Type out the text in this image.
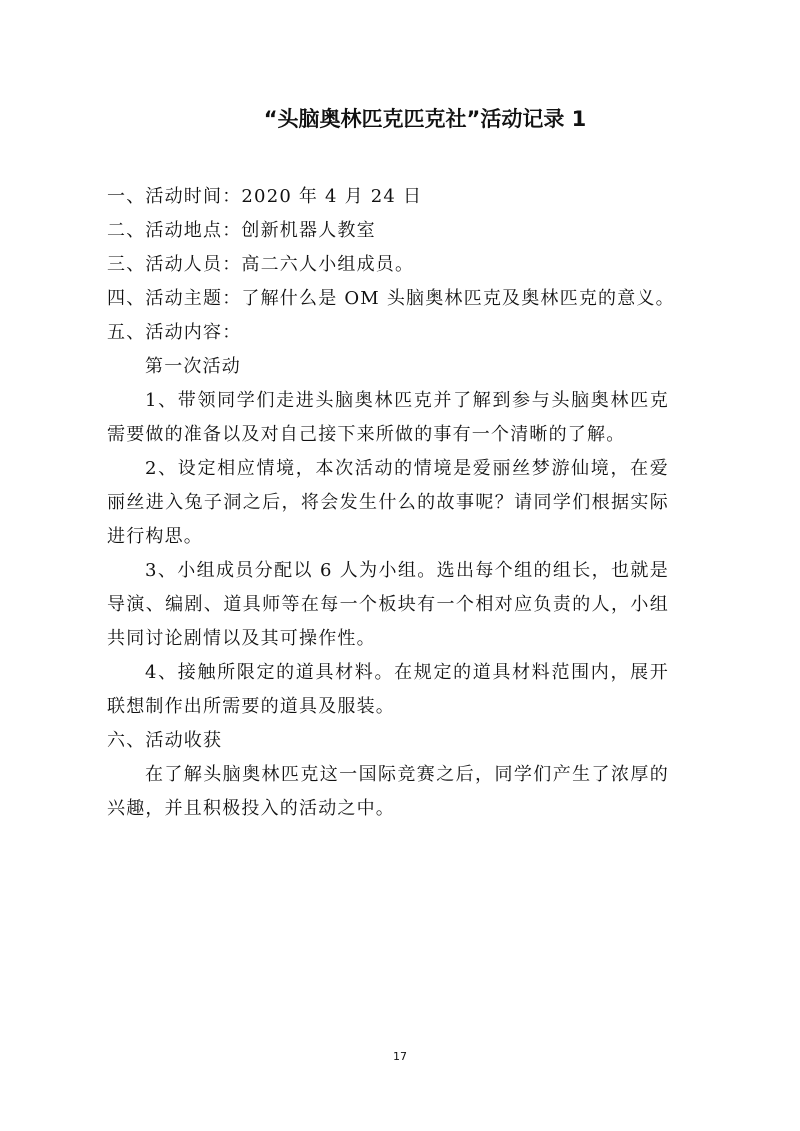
“头脑奥林匹克匹克社”活动记录 1

一、活动时间：2020 年 4 月 24 日

二、活动地点：创新机器人教室

三、活动人员：高二六人小组成员。

四、活动主题：了解什么是 OM 头脑奥林匹克及奥林匹克的意义。

五、活动内容：

第一次活动

1、带领同学们走进头脑奥林匹克并了解到参与头脑奥林匹克需要做的准备以及对自己接下来所做的事有一个清晰的了解。

2、设定相应情境，本次活动的情境是爱丽丝梦游仙境，在爱丽丝进入兔子洞之后，将会发生什么的故事呢？请同学们根据实际进行构思。

3、小组成员分配以 6 人为小组。选出每个组的组长，也就是导演、编剧、道具师等在每一个板块有一个相对应负责的人，小组共同讨论剧情以及其可操作性。

4、接触所限定的道具材料。在规定的道具材料范围内，展开联想制作出所需要的道具及服装。

六、活动收获

在了解头脑奥林匹克这一国际竞赛之后，同学们产生了浓厚的兴趣，并且积极投入的活动之中。

17
